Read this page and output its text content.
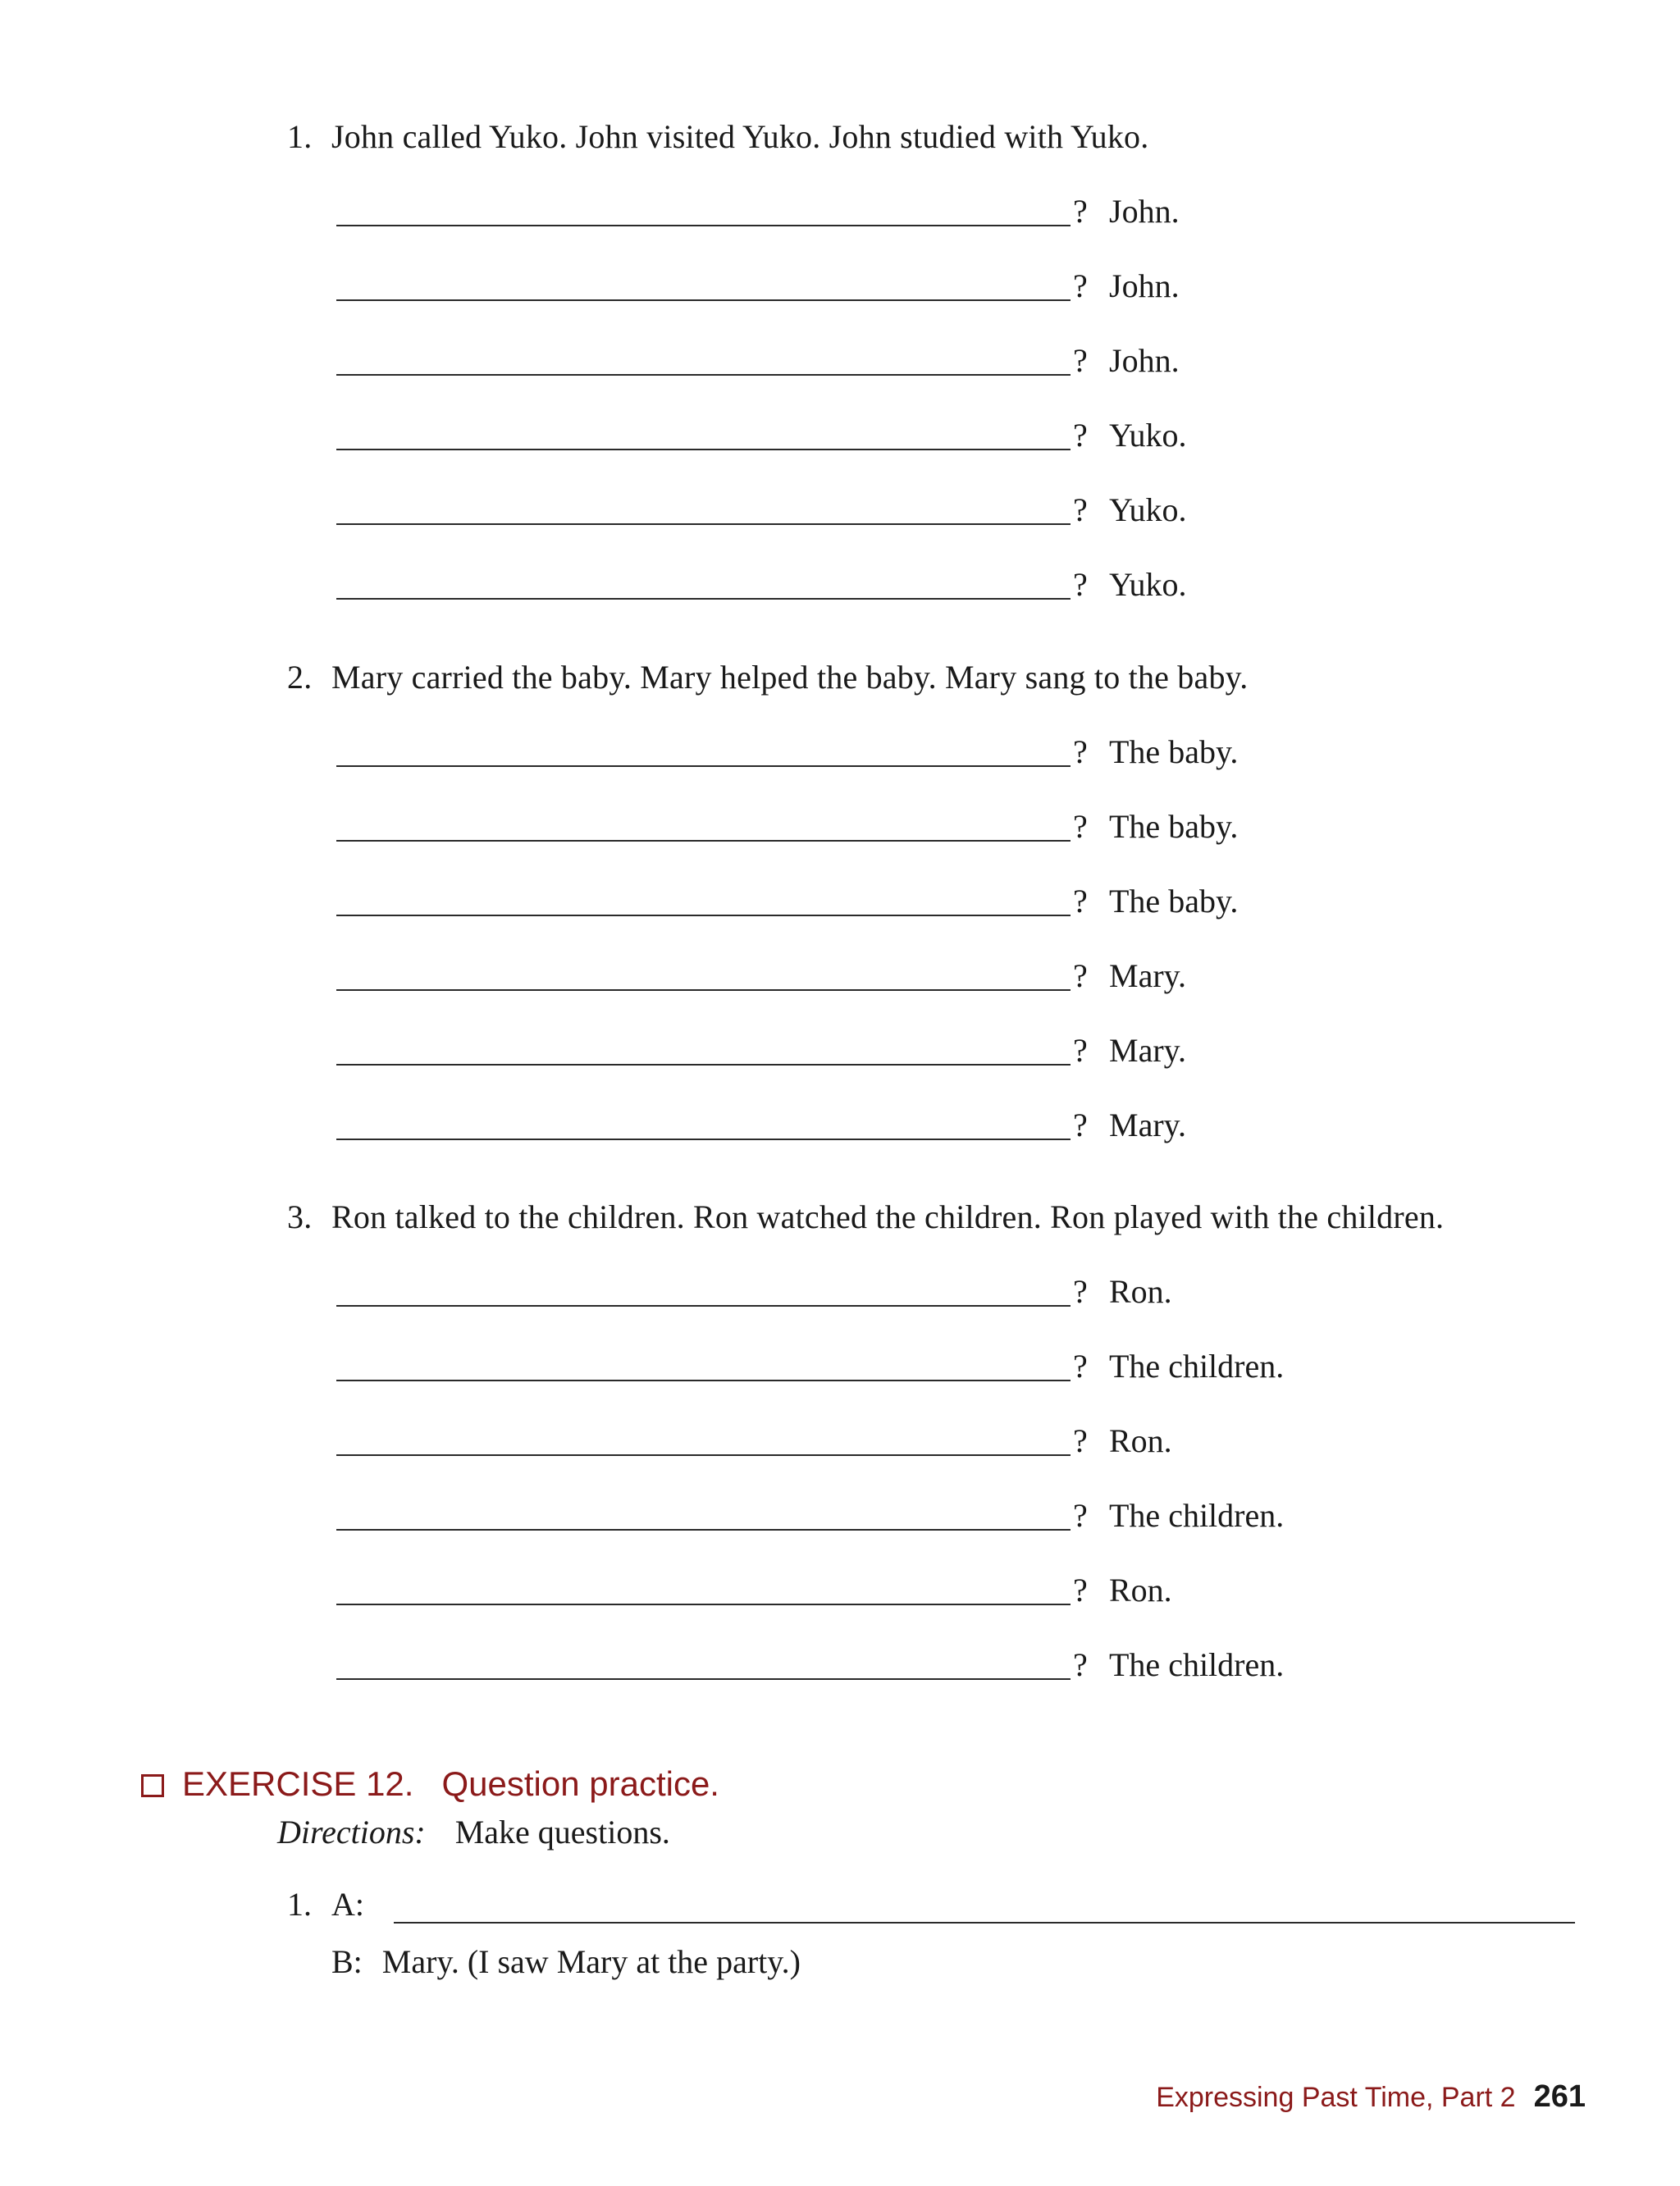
1. John called Yuko. John visited Yuko. John studied with Yuko.
? John.
? John.
? John.
? Yuko.
? Yuko.
? Yuko.
2. Mary carried the baby. Mary helped the baby. Mary sang to the baby.
? The baby.
? The baby.
? The baby.
? Mary.
? Mary.
? Mary.
3. Ron talked to the children. Ron watched the children. Ron played with the children.
? Ron.
? The children.
? Ron.
? The children.
? Ron.
? The children.
EXERCISE 12. Question practice.
Directions: Make questions.
1. A:
B: Mary. (I saw Mary at the party.)
Expressing Past Time, Part 2 261
